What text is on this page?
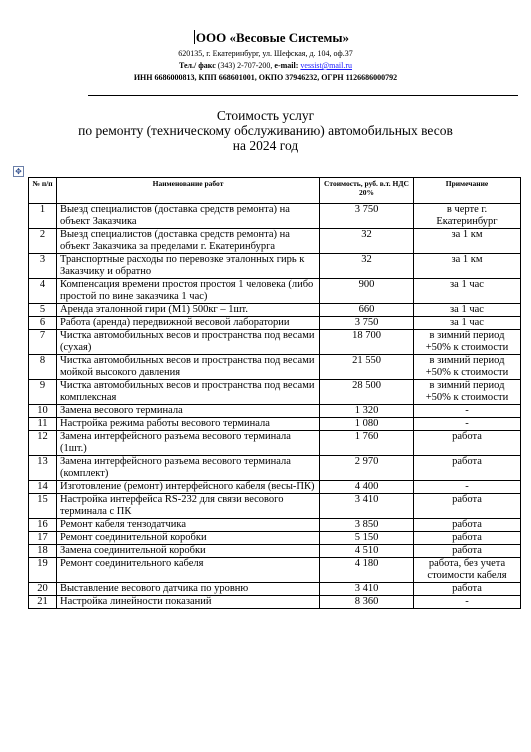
ООО «Весовые Системы»
620135, г. Екатеринбург, ул. Шефская, д. 104, оф.37
Тел./ факс (343) 2-707-200, e-mail: vessist@mail.ru
ИНН 6686000813, КПП 668601001, ОКПО 37946232, ОГРН 1126686000792
Стоимость услуг
по ремонту (техническому обслуживанию) автомобильных весов
на 2024 год
✥
№ п/п	Наименование работ	Стоимость, руб. в.т. НДС 20%	Примечание
1	Выезд специалистов (доставка средств ремонта) на объект Заказчика	3 750	в черте г. Екатеринбург
2	Выезд специалистов (доставка средств ремонта) на объект Заказчика за пределами г. Екатеринбурга	32	за 1 км
3	Транспортные расходы по перевозке эталонных гирь к Заказчику и обратно	32	за 1 км
4	Компенсация времени простоя простоя 1 человека (либо простой по вине заказчика 1 час)	900	за 1 час
5	Аренда эталонной гири (М1) 500кг – 1шт.	660	за 1 час
6	Работа (аренда) передвижной весовой лаборатории	3 750	за 1 час
7	Чистка автомобильных весов и пространства под весами (сухая)	18 700	в зимний период +50% к стоимости
8	Чистка автомобильных весов и пространства под весами мойкой высокого давления	21 550	в зимний период +50% к стоимости
9	Чистка автомобильных весов и пространства под весами комплексная	28 500	в зимний период +50% к стоимости
10	Замена весового терминала	1 320	-
11	Настройка режима работы весового терминала	1 080	-
12	Замена интерфейсного разъема весового терминала (1шт.)	1 760	работа
13	Замена интерфейсного разъема весового терминала (комплект)	2 970	работа
14	Изготовление (ремонт) интерфейсного кабеля (весы-ПК)	4 400	-
15	Настройка интерфейса RS-232 для связи весового терминала с ПК	3 410	работа
16	Ремонт кабеля тензодатчика	3 850	работа
17	Ремонт соединительной коробки	5 150	работа
18	Замена соединительной коробки	4 510	работа
19	Ремонт соединительного кабеля	4 180	работа, без учета стоимости кабеля
20	Выставление весового датчика по уровню	3 410	работа
21	Настройка линейности показаний	8 360	-
